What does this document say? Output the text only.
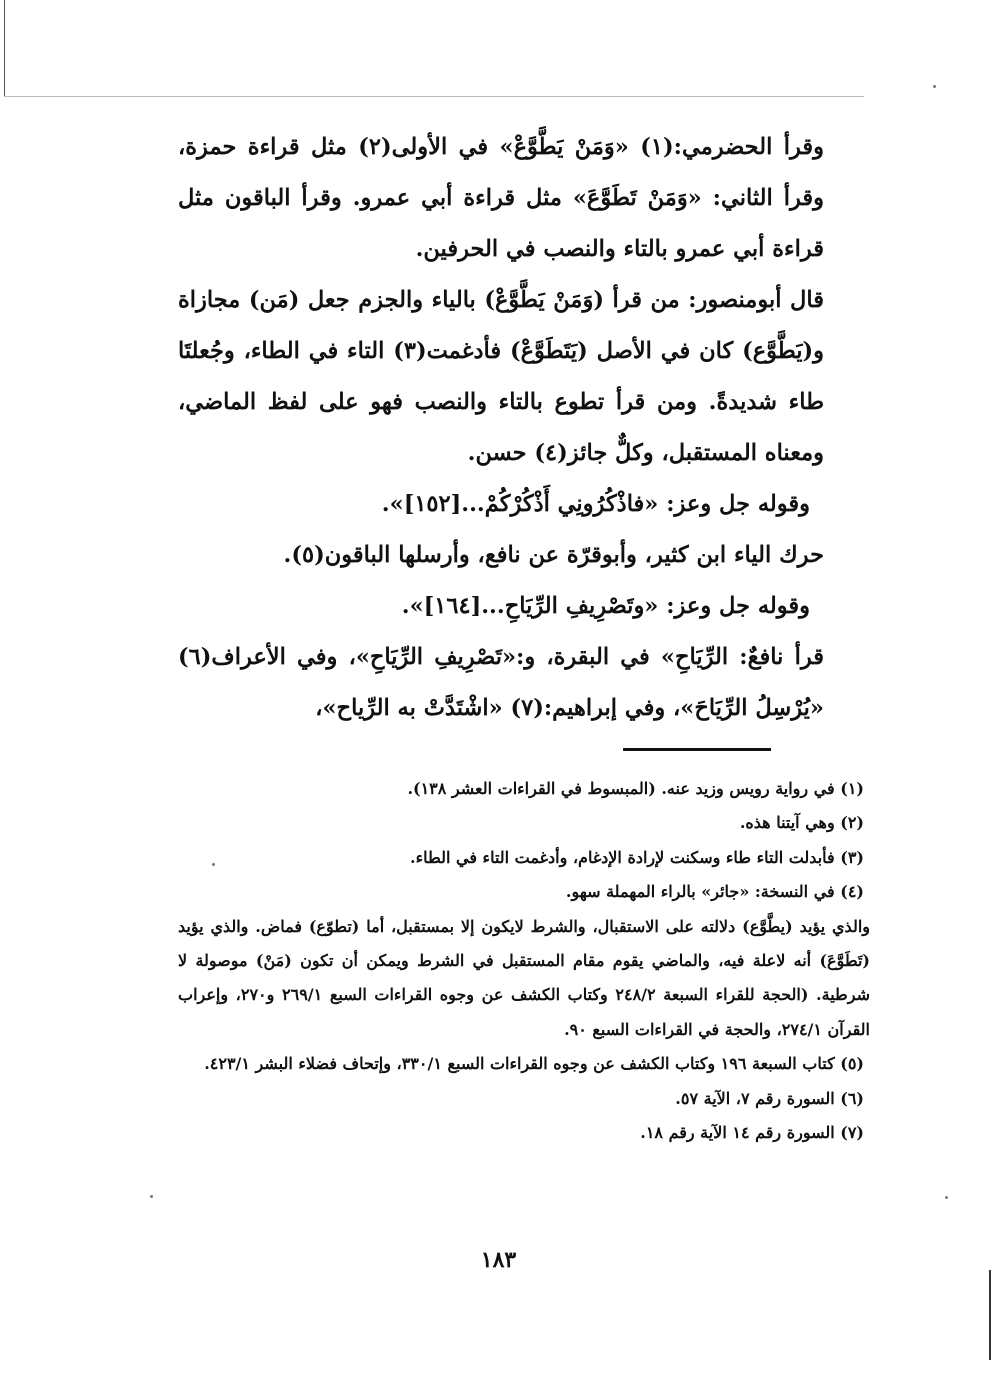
وقرأ الحضرمي:(١) «وَمَنْ يَطَّوَّعْ» في الأولى(٢) مثل قراءة حمزة، وقرأ الثاني: «وَمَنْ تَطَوَّعَ» مثل قراءة أبي عمرو. وقرأ الباقون مثل قراءة أبي عمرو بالتاء والنصب في الحرفين.

قال أبومنصور: من قرأ (وَمَنْ يَطَّوَّعْ) بالياء والجزم جعل (مَن) مجازاة و(يَطَّوَّع) كان في الأصل (يَتَطَوَّعْ) فأدغمت(٣) التاء في الطاء، وجُعلتَا طاء شديدةً. ومن قرأ تطوع بالتاء والنصب فهو على لفظ الماضي، ومعناه المستقبل، وكلٌّ جائز(٤) حسن.

وقوله جل وعز: «فاذْكُرُونِي أَذْكُرْكُمْ...[١٥٢]».

حرك الياء ابن كثير، وأبوقرّة عن نافع، وأرسلها الباقون(٥).

وقوله جل وعز: «وتَصْرِيفِ الرِّيَاحِ...[١٦٤]».

قرأ نافعٌ: الرِّيَاحِ» في البقرة، و:«تَصْرِيفِ الرِّيَاحِ»، وفي الأعراف(٦) «يُرْسِلُ الرِّيَاحَ»، وفي إبراهيم:(٧) «اشْتَدَّتْ به الرِّياح»،

(١) في رواية رويس وزيد عنه. (المبسوط في القراءات العشر ١٣٨).

(٢) وهي آيتنا هذه.

(٣) فأبدلت التاء طاء وسكنت لإرادة الإدغام، وأدغمت التاء في الطاء.

(٤) في النسخة: «جائر» بالراء المهملة سهو.

والذي يؤيد (يطَّوَّع) دلالته على الاستقبال، والشرط لايكون إلا بمستقبل، أما (تطوّع) فماض. والذي يؤيد (تَطَوَّعَ) أنه لاعلة فيه، والماضي يقوم مقام المستقبل في الشرط ويمكن أن تكون (مَنْ) موصولة لا شرطية. (الحجة للقراء السبعة ٢٤٨/٢ وكتاب الكشف عن وجوه القراءات السبع ٢٦٩/١ و٢٧٠، وإعراب القرآن ٢٧٤/١، والحجة في القراءات السبع ٩٠.

(٥) كتاب السبعة ١٩٦ وكتاب الكشف عن وجوه القراءات السبع ٣٣٠/١، وإتحاف فضلاء البشر ٤٢٣/١.

(٦) السورة رقم ٧، الآية ٥٧.

(٧) السورة رقم ١٤ الآية رقم ١٨.

١٨٣
